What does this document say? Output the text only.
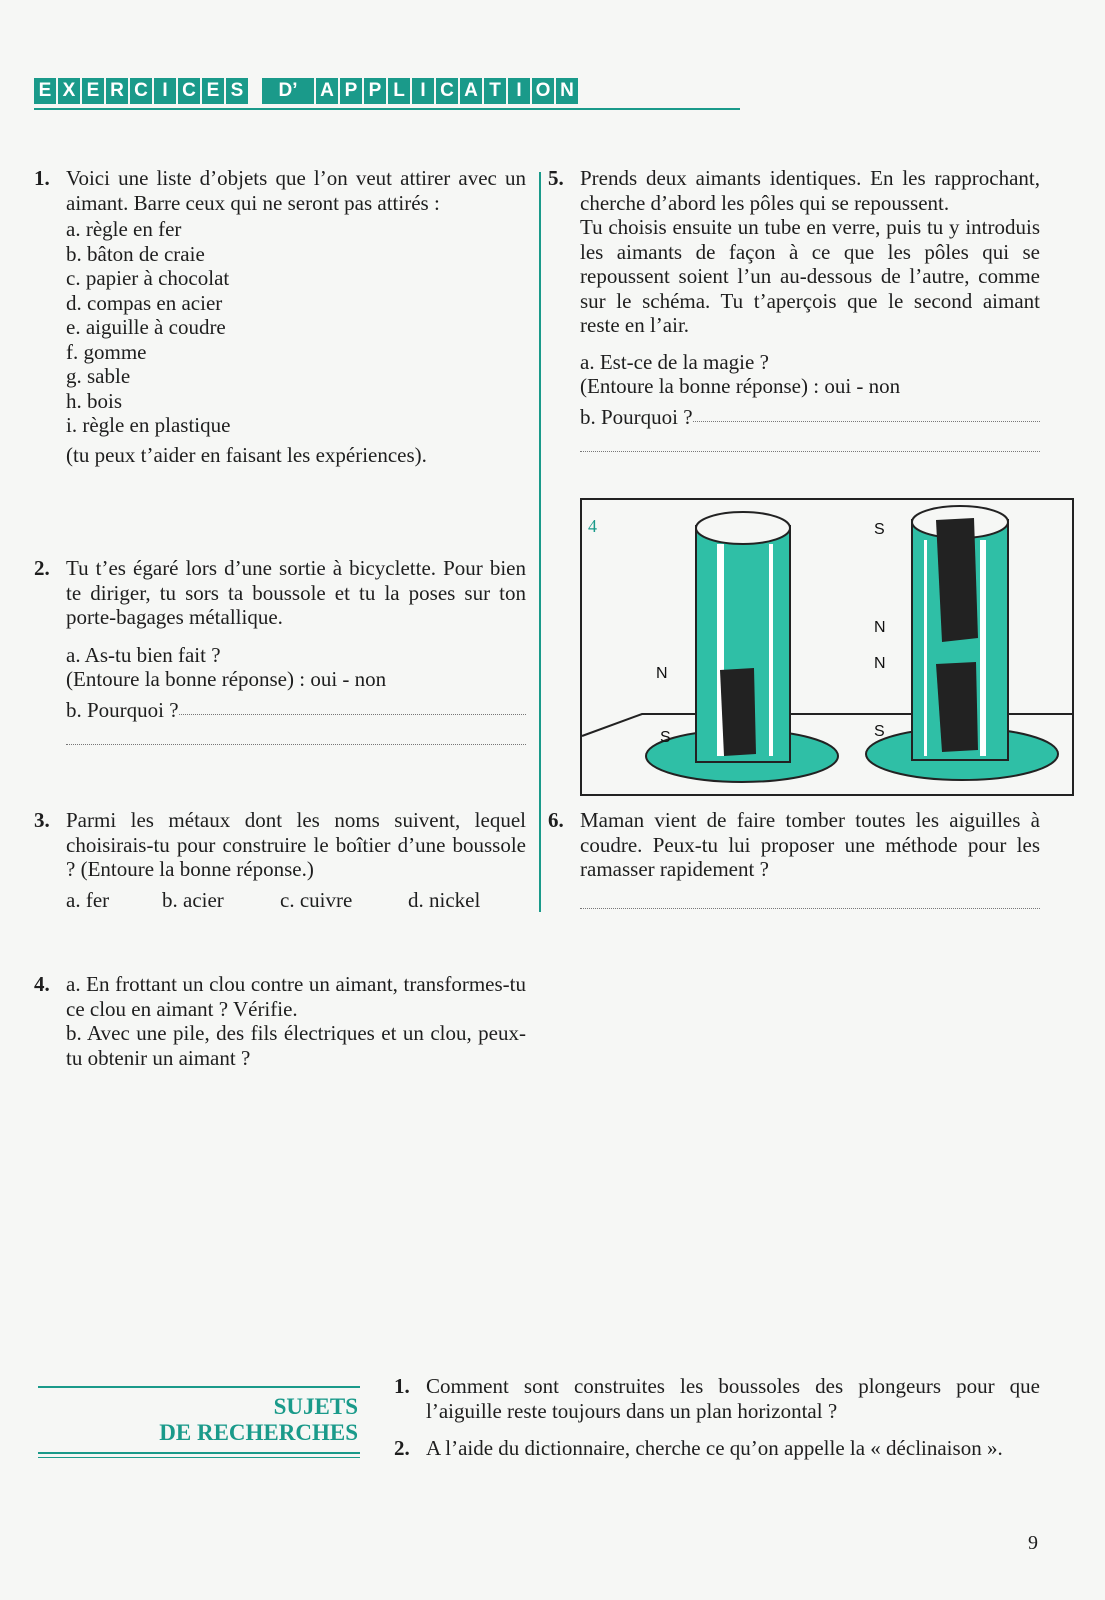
E X E R C I C E S	D’	A P P L I C A T I O N
1. Voici une liste d’objets que l’on veut attirer avec un aimant. Barre ceux qui ne seront pas attirés :

a. règle en fer
b. bâton de craie
c. papier à chocolat
d. compas en acier
e. aiguille à coudre
f. gomme
g. sable
h. bois
i. règle en plastique

(tu peux t’aider en faisant les expériences).

2. Tu t’es égaré lors d’une sortie à bicyclette. Pour bien te diriger, tu sors ta boussole et tu la poses sur ton porte-bagages métallique.

a. As-tu bien fait ?

(Entoure la bonne réponse) : oui - non

b. Pourquoi ?

3. Parmi les métaux dont les noms suivent, lequel choisirais-tu pour construire le boîtier d’une boussole ? (Entoure la bonne réponse.)

a. fer	b. acier	c. cuivre	d. nickel
4. a. En frottant un clou contre un aimant, transformes-tu ce clou en aimant ? Vérifie.

b. Avec une pile, des fils électriques et un clou, peux-tu obtenir un aimant ?

5. Prends deux aimants identiques. En les rapprochant, cherche d’abord les pôles qui se repoussent.

Tu choisis ensuite un tube en verre, puis tu y introduis les aimants de façon à ce que les pôles qui se repoussent soient l’un au-dessous de l’autre, comme sur le schéma. Tu t’aperçois que le second aimant reste en l’air.

a. Est-ce de la magie ?

(Entoure la bonne réponse) : oui - non

b. Pourquoi ?

4
N
S
S
N
N
S
6. Maman vient de faire tomber toutes les aiguilles à coudre. Peux-tu lui proposer une méthode pour les ramasser rapidement ?

SUJETS
DE RECHERCHES
1. Comment sont construites les boussoles des plongeurs pour que l’aiguille reste toujours dans un plan horizontal ?

2. A l’aide du dictionnaire, cherche ce qu’on appelle la « déclinaison ».

9
